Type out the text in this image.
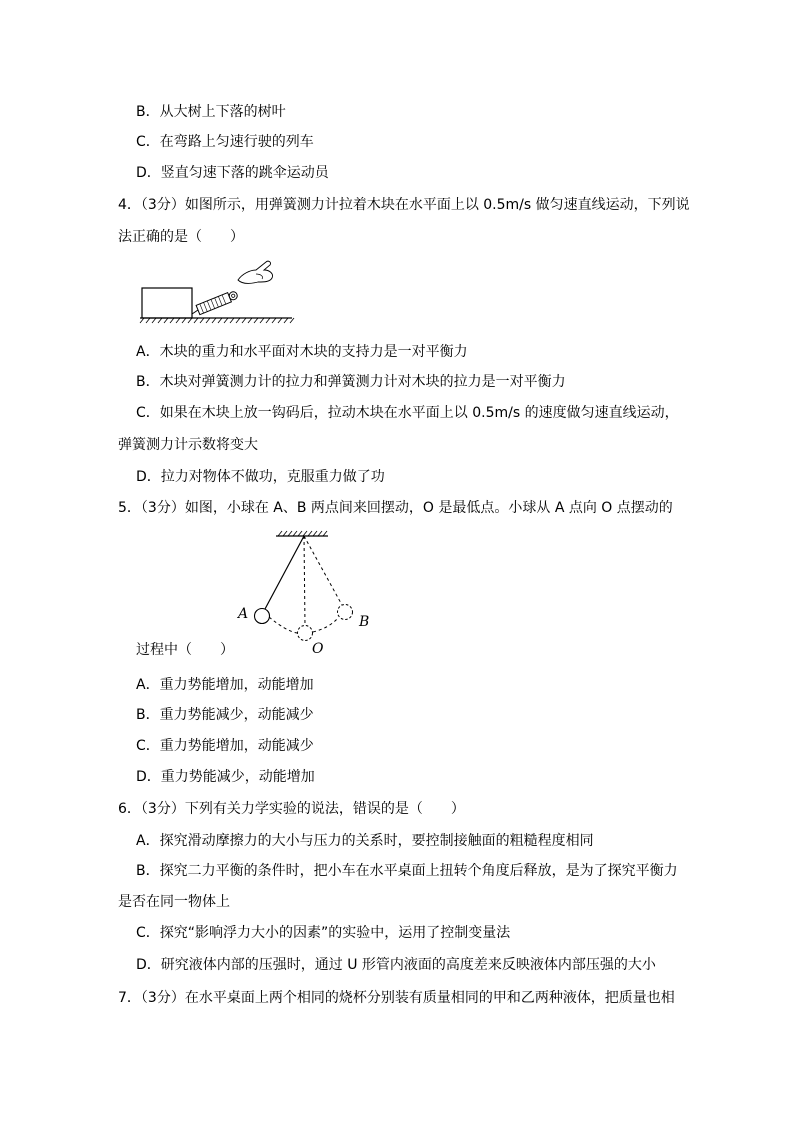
B．从大树上下落的树叶
C．在弯路上匀速行驶的列车
D．竖直匀速下落的跳伞运动员
4．（3分）如图所示，用弹簧测力计拉着木块在水平面上以 0.5m/s 做匀速直线运动，下列说
法正确的是（　　）
A．木块的重力和水平面对木块的支持力是一对平衡力
B．木块对弹簧测力计的拉力和弹簧测力计对木块的拉力是一对平衡力
C．如果在木块上放一钩码后，拉动木块在水平面上以 0.5m/s 的速度做匀速直线运动，
弹簧测力计示数将变大
D．拉力对物体不做功，克服重力做了功
5．（3分）如图，小球在 A、B 两点间来回摆动，O 是最低点。小球从 A 点向 O 点摆动的
A	B
O
过程中（　　）
A．重力势能增加，动能增加
B．重力势能减少，动能减少
C．重力势能增加，动能减少
D．重力势能减少，动能增加
6．（3分）下列有关力学实验的说法，错误的是（　　）
A．探究滑动摩擦力的大小与压力的关系时，要控制接触面的粗糙程度相同
B．探究二力平衡的条件时，把小车在水平桌面上扭转个角度后释放，是为了探究平衡力
是否在同一物体上
C．探究“影响浮力大小的因素”的实验中，运用了控制变量法
D．研究液体内部的压强时，通过 U 形管内液面的高度差来反映液体内部压强的大小
7．（3分）在水平桌面上两个相同的烧杯分别装有质量相同的甲和乙两种液体，把质量也相
